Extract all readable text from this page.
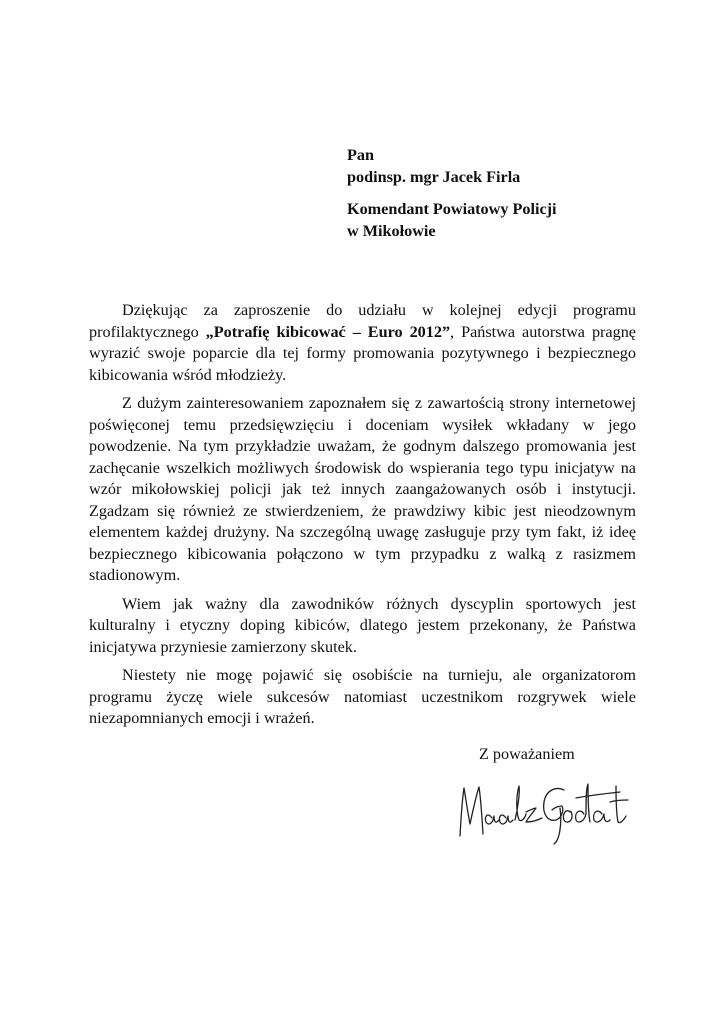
Pan
podinsp. mgr Jacek Firla
Komendant Powiatowy Policji
w Mikołowie

Dziękując za zaproszenie do udziału w kolejnej edycji programu profilaktycznego „Potrafię kibicować – Euro 2012”, Państwa autorstwa pragnę wyrazić swoje poparcie dla tej formy promowania pozytywnego i bezpiecznego kibicowania wśród młodzieży.

Z dużym zainteresowaniem zapoznałem się z zawartością strony internetowej poświęconej temu przedsięwzięciu i doceniam wysiłek wkładany w jego powodzenie. Na tym przykładzie uważam, że godnym dalszego promowania jest zachęcanie wszelkich możliwych środowisk do wspierania tego typu inicjatyw na wzór mikołowskiej policji jak też innych zaangażowanych osób i instytucji. Zgadzam się również ze stwierdzeniem, że prawdziwy kibic jest nieodzownym elementem każdej drużyny. Na szczególną uwagę zasługuje przy tym fakt, iż ideę bezpiecznego kibicowania połączono w tym przypadku z walką z rasizmem stadionowym.

Wiem jak ważny dla zawodników różnych dyscyplin sportowych jest kulturalny i etyczny doping kibiców, dlatego jestem przekonany, że Państwa inicjatywa przyniesie zamierzony skutek.

Niestety nie mogę pojawić się osobiście na turnieju, ale organizatorom programu życzę wiele sukcesów natomiast uczestnikom rozgrywek wiele niezapomnianych emocji i wrażeń.

Z poważaniem
